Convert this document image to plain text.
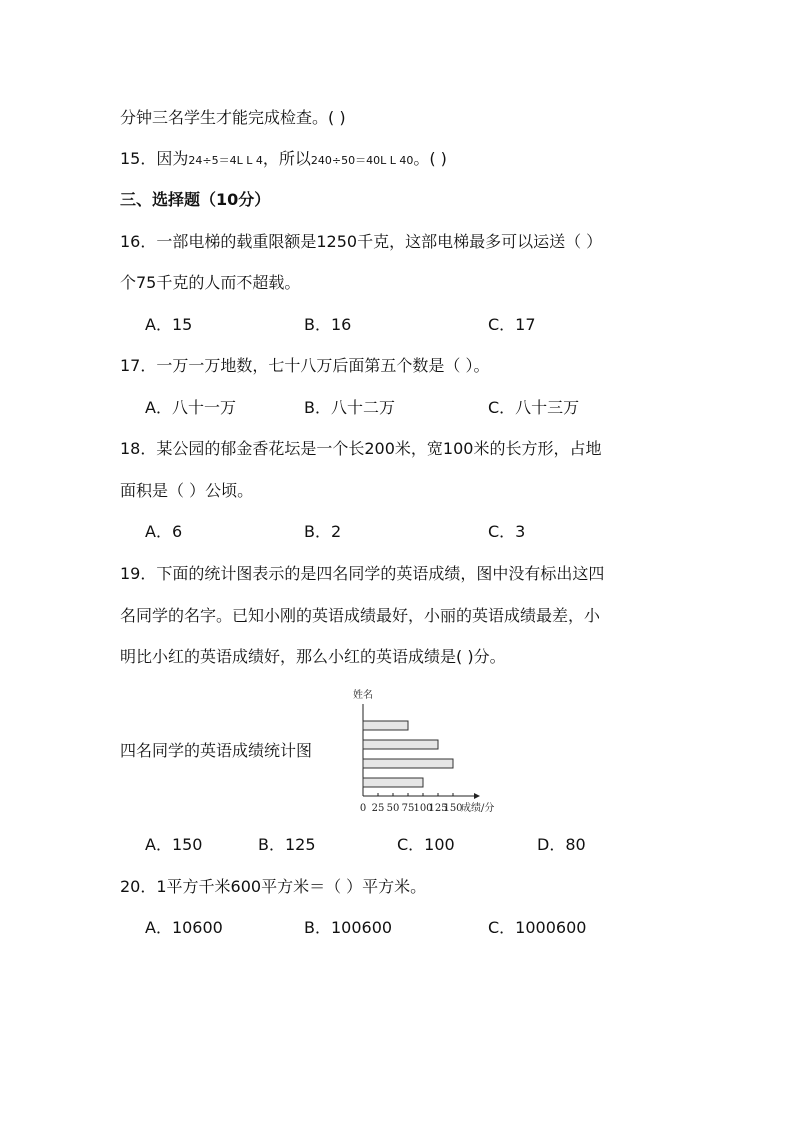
分钟三名学生才能完成检查。( )
15．因为24÷5＝4L L 4，所以240÷50＝40L L 40。( )
三、选择题（10分）
16．一部电梯的载重限额是1250千克，这部电梯最多可以运送（ ）
个75千克的人而不超载。
A．15	B．16	C．17
17．一万一万地数，七十八万后面第五个数是（ ）。
A．八十一万	B．八十二万	C．八十三万
18．某公园的郁金香花坛是一个长200米，宽100米的长方形，占地
面积是（ ）公顷。
A．6	B．2	C．3
19．下面的统计图表示的是四名同学的英语成绩，图中没有标出这四
名同学的名字。已知小刚的英语成绩最好，小丽的英语成绩最差，小
明比小红的英语成绩好，那么小红的英语成绩是( )分。
四名同学的英语成绩统计图
姓名
0 25 50 75 100
125
150
成绩/分
A．150	B．125	C．100	D．80
20．1平方千米600平方米＝（ ）平方米。
A．10600	B．100600	C．1000600
